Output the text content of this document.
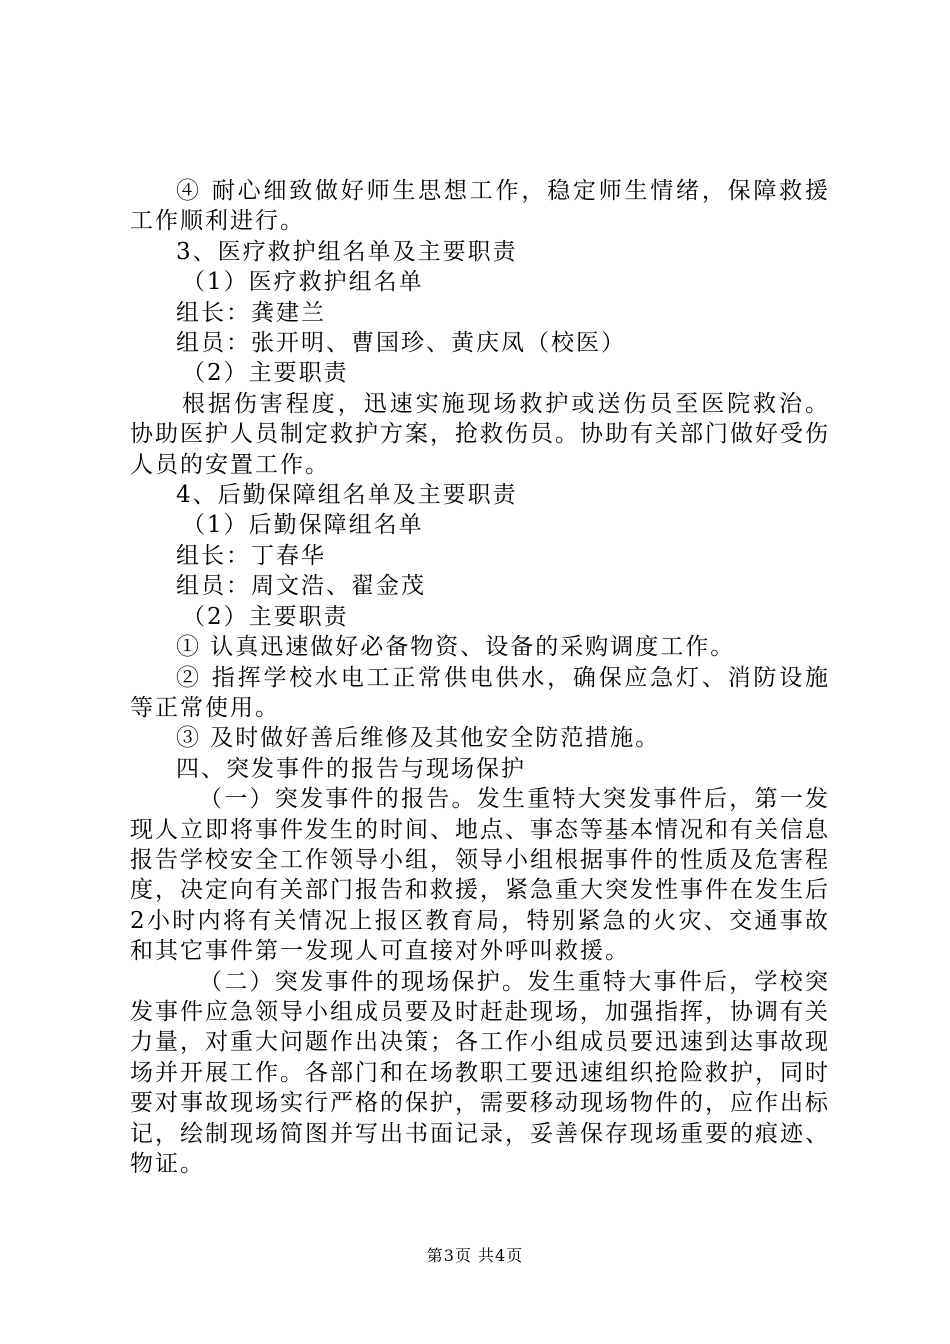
④ 耐心细致做好师生思想工作，稳定师生情绪，保障救援工作顺利进行。

3、医疗救护组名单及主要职责

（1）医疗救护组名单

组长：龚建兰

组员：张开明、曹国珍、黄庆凤（校医）

（2）主要职责

根据伤害程度，迅速实施现场救护或送伤员至医院救治。协助医护人员制定救护方案，抢救伤员。协助有关部门做好受伤人员的安置工作。

4、后勤保障组名单及主要职责

（1）后勤保障组名单

组长：丁春华

组员：周文浩、翟金茂

（2）主要职责

① 认真迅速做好必备物资、设备的采购调度工作。

② 指挥学校水电工正常供电供水，确保应急灯、消防设施等正常使用。

③ 及时做好善后维修及其他安全防范措施。

四、突发事件的报告与现场保护

（一）突发事件的报告。发生重特大突发事件后，第一发现人立即将事件发生的时间、地点、事态等基本情况和有关信息报告学校安全工作领导小组，领导小组根据事件的性质及危害程度，决定向有关部门报告和救援，紧急重大突发性事件在发生后2小时内将有关情况上报区教育局，特别紧急的火灾、交通事故和其它事件第一发现人可直接对外呼叫救援。

（二）突发事件的现场保护。发生重特大事件后，学校突发事件应急领导小组成员要及时赶赴现场，加强指挥，协调有关力量，对重大问题作出决策；各工作小组成员要迅速到达事故现场并开展工作。各部门和在场教职工要迅速组织抢险救护，同时要对事故现场实行严格的保护，需要移动现场物件的，应作出标记，绘制现场简图并写出书面记录，妥善保存现场重要的痕迹、物证。

第3页 共4页
